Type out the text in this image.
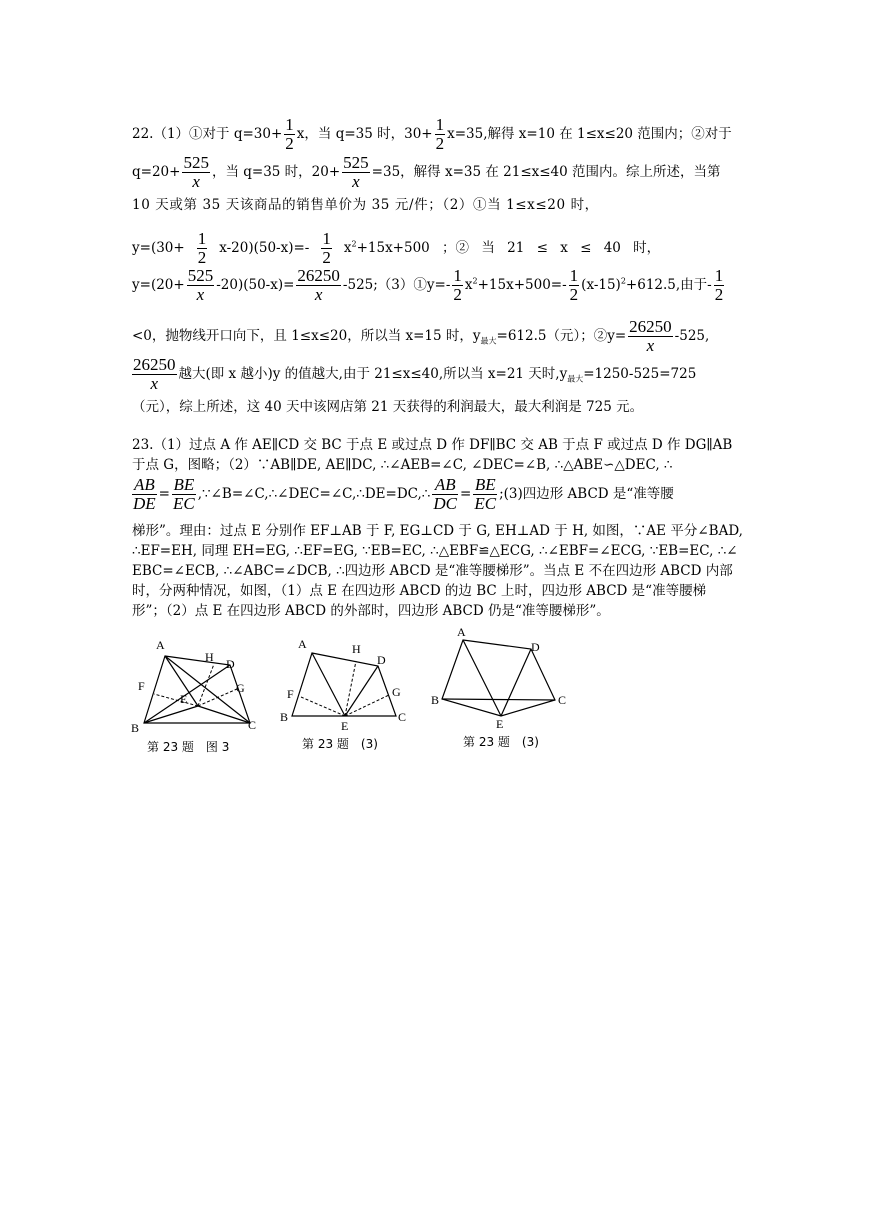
22.（1）①对于 $q=30+ \frac{1}{2}$ x，当 q=35 时，$30+ \frac{1}{2} x=35$,解得 x=10 在 1≤x≤20 范围内；②对于
$q=20+ \frac{525}{x}$ ，当 q=35 时，$20+ \frac{525}{x} =35$，解得 x=35 在 21≤x≤40 范围内。综上所述，当第
10 天或第 35 天该商品的销售单价为 35 元/件；（2）①当 1≤x≤20 时，
$y=(30+ \frac{1}{2} x-20)(50-x)=- \frac{1}{2} x^2+15x+500$ ；② 当 21 ≤ x ≤ 40 时，
$y=(20+ \frac{525}{x} -20)(50-x)= \frac{26250}{x}$ -525;（3）①y=- $\frac{1}{2} x^2+15x+500=- \frac{1}{2} (x-15)^2+612.5$,由于- $\frac{1}{2}$
<0，抛物线开口向下，且 1≤x≤20，所以当 x=15 时，$y_{最大}=612.5$（元）；②y= $\frac{26250}{x} -525$,
$\frac{26250}{x}$ 越大(即 x 越小)y 的值越大,由于 21≤x≤40,所以当 x=21 天时$,y_{最大}=1250-525=725$
（元），综上所述，这 40 天中该网店第 21 天获得的利润最大，最大利润是 725 元。
23.（1）过点 A 作 AE∥CD 交 BC 于点 E 或过点 D 作 DF∥BC 交 AB 于点 F 或过点 D 作 DG∥AB
于点 G，图略；（2）∵AB∥DE, AE∥DC, ∴∠AEB=∠C, ∠DEC=∠B, ∴△ABE∽△DEC, ∴
$\frac{AB}{DE} = \frac{BE}{EC}$ ,∵∠B=∠C,∴∠DEC=∠C,∴DE=DC,∴ $\frac{AB}{DC} = \frac{BE}{EC}$ ;(3)四边形 ABCD 是“准等腰
梯形”。理由：过点 E 分别作 EF⊥AB 于 F, EG⊥CD 于 G, EH⊥AD 于 H, 如图，∵AE 平分∠BAD,
∴EF=EH, 同理 EH=EG, ∴EF=EG, ∵EB=EC, ∴△EBF≌△ECG, ∴∠EBF=∠ECG, ∵EB=EC, ∴∠
EBC=∠ECB, ∴∠ABC=∠DCB, ∴四边形 ABCD 是“准等腰梯形”。当点 E 不在四边形 ABCD 内部
时，分两种情况，如图，（1）点 E 在四边形 ABCD 的边 BC 上时，四边形 ABCD 是“准等腰梯
形”；（2）点 E 在四边形 ABCD 的外部时，四边形 ABCD 仍是“准等腰梯形”。
A
H D
F
E
G
B	C
第 23 题　图 3
A	H
D
F	G
B
E
C
第 23 题　(3)
A
D
B	C
E
第 23 题　(3)
